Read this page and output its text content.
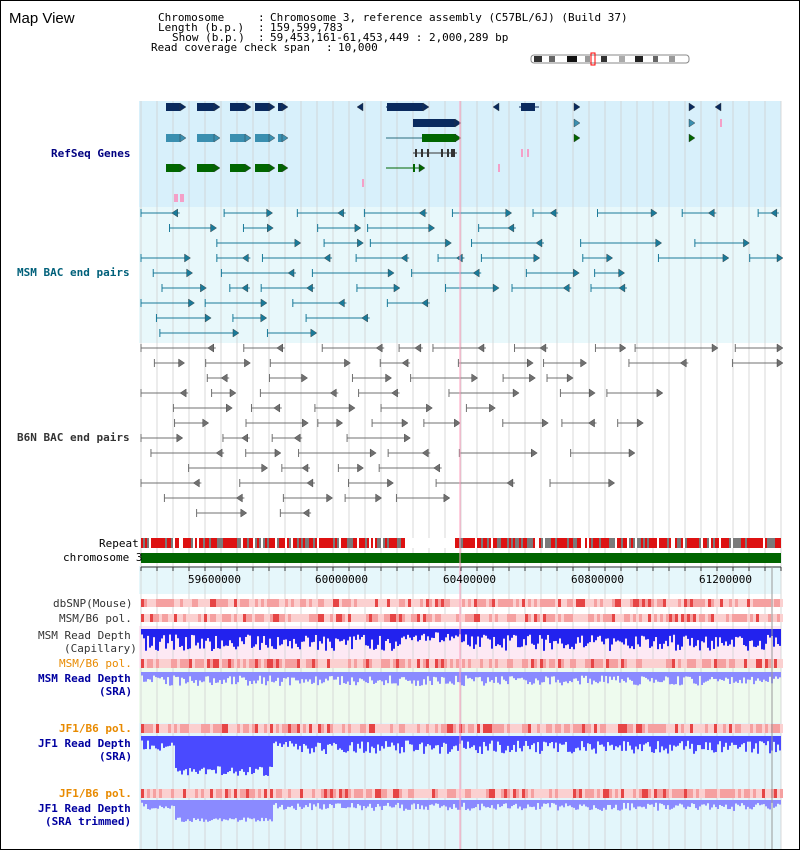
Map View	Chromosome	: Chromosome 3, reference assembly (C57BL/6J) (Build 37)
Length (b.p.) : 159,599,783
Show (b.p.) : 59,453,161-61,453,449 : 2,000,289 bp
Read coverage check span : 10,000
RefSeq Genes
MSM BAC end pairs
B6N BAC end pairs
Repeat
chromosome 3
dbSNP(Mouse)
MSM/B6 pol.
MSM Read Depth
(Capillary)
MSM/B6 pol.
MSM Read Depth
(SRA)
JF1/B6 pol.
JF1 Read Depth
(SRA)
JF1/B6 pol.
JF1 Read Depth
(SRA trimmed)
59600000	60000000	60400000	60800000	61200000
